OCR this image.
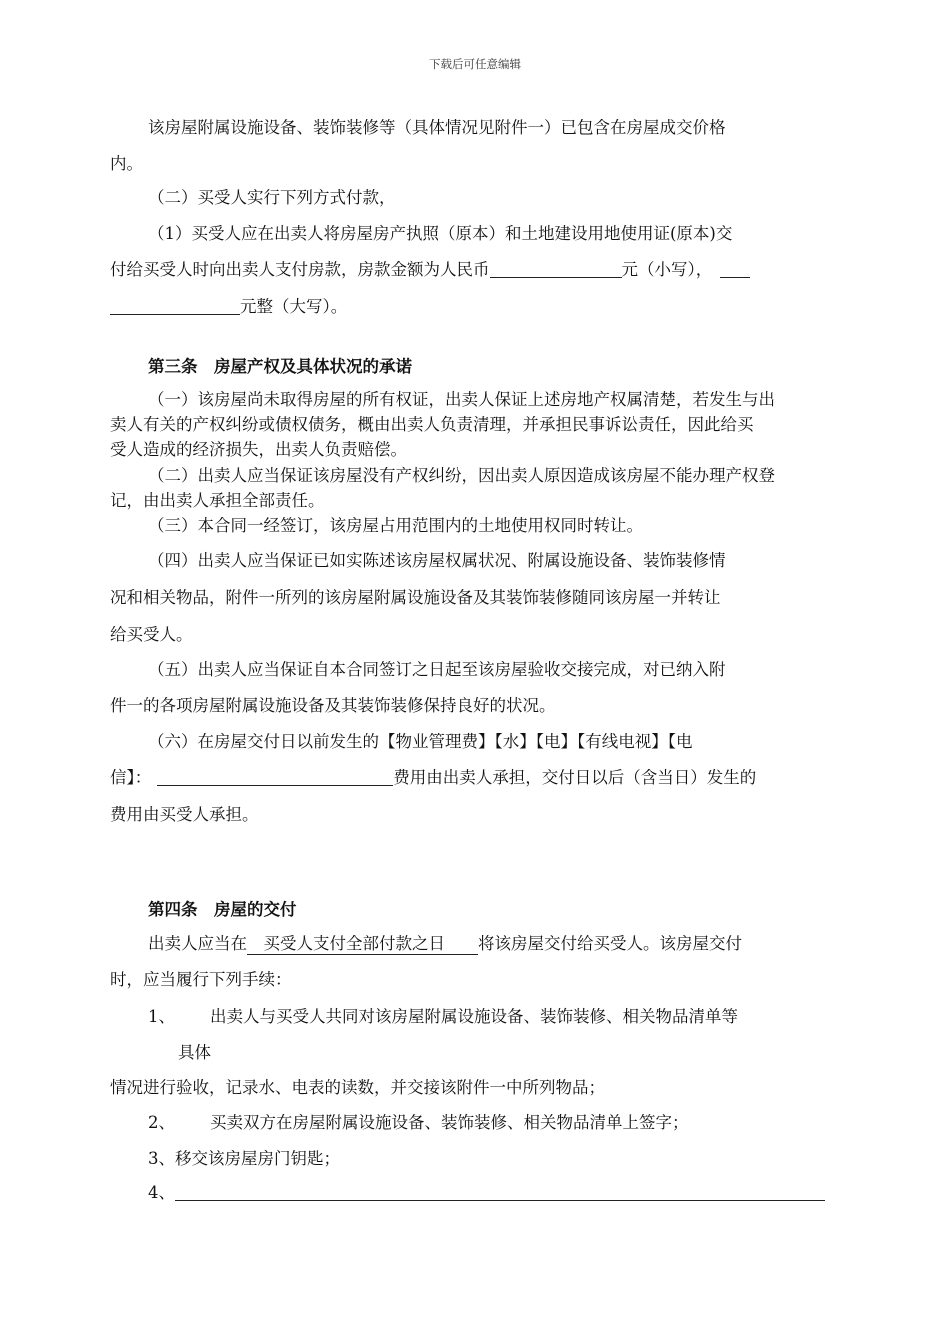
下载后可任意编辑
该房屋附属设施设备、装饰装修等（具体情况见附件一）已包含在房屋成交价格
内。
（二）买受人实行下列方式付款，
（1）买受人应在出卖人将房屋房产执照（原本）和土地建设用地使用证(原本)交
付给买受人时向出卖人支付房款，房款金额为人民币	元（小写），
元整（大写）。
第三条　房屋产权及具体状况的承诺
（一）该房屋尚未取得房屋的所有权证，出卖人保证上述房地产权属清楚，若发生与出
卖人有关的产权纠纷或债权债务，概由出卖人负责清理，并承担民事诉讼责任，因此给买
受人造成的经济损失，出卖人负责赔偿。
（二）出卖人应当保证该房屋没有产权纠纷，因出卖人原因造成该房屋不能办理产权登
记，由出卖人承担全部责任。
（三）本合同一经签订，该房屋占用范围内的土地使用权同时转让。
（四）出卖人应当保证已如实陈述该房屋权属状况、附属设施设备、装饰装修情
况和相关物品，附件一所列的该房屋附属设施设备及其装饰装修随同该房屋一并转让
给买受人。
（五）出卖人应当保证自本合同签订之日起至该房屋验收交接完成，对已纳入附
件一的各项房屋附属设施设备及其装饰装修保持良好的状况。
（六）在房屋交付日以前发生的【物业管理费】【水】【电】【有线电视】【电
信】：	费用由出卖人承担，交付日以后（含当日）发生的
费用由买受人承担。
第四条　房屋的交付
出卖人应当在　买受人支付全部付款之日　　将该房屋交付给买受人。该房屋交付
时，应当履行下列手续：
1、 出卖人与买受人共同对该房屋附属设施设备、装饰装修、相关物品清单等
具体
情况进行验收，记录水、电表的读数，并交接该附件一中所列物品；
2、 买卖双方在房屋附属设施设备、装饰装修、相关物品清单上签字；
3、移交该房屋房门钥匙；
4、
